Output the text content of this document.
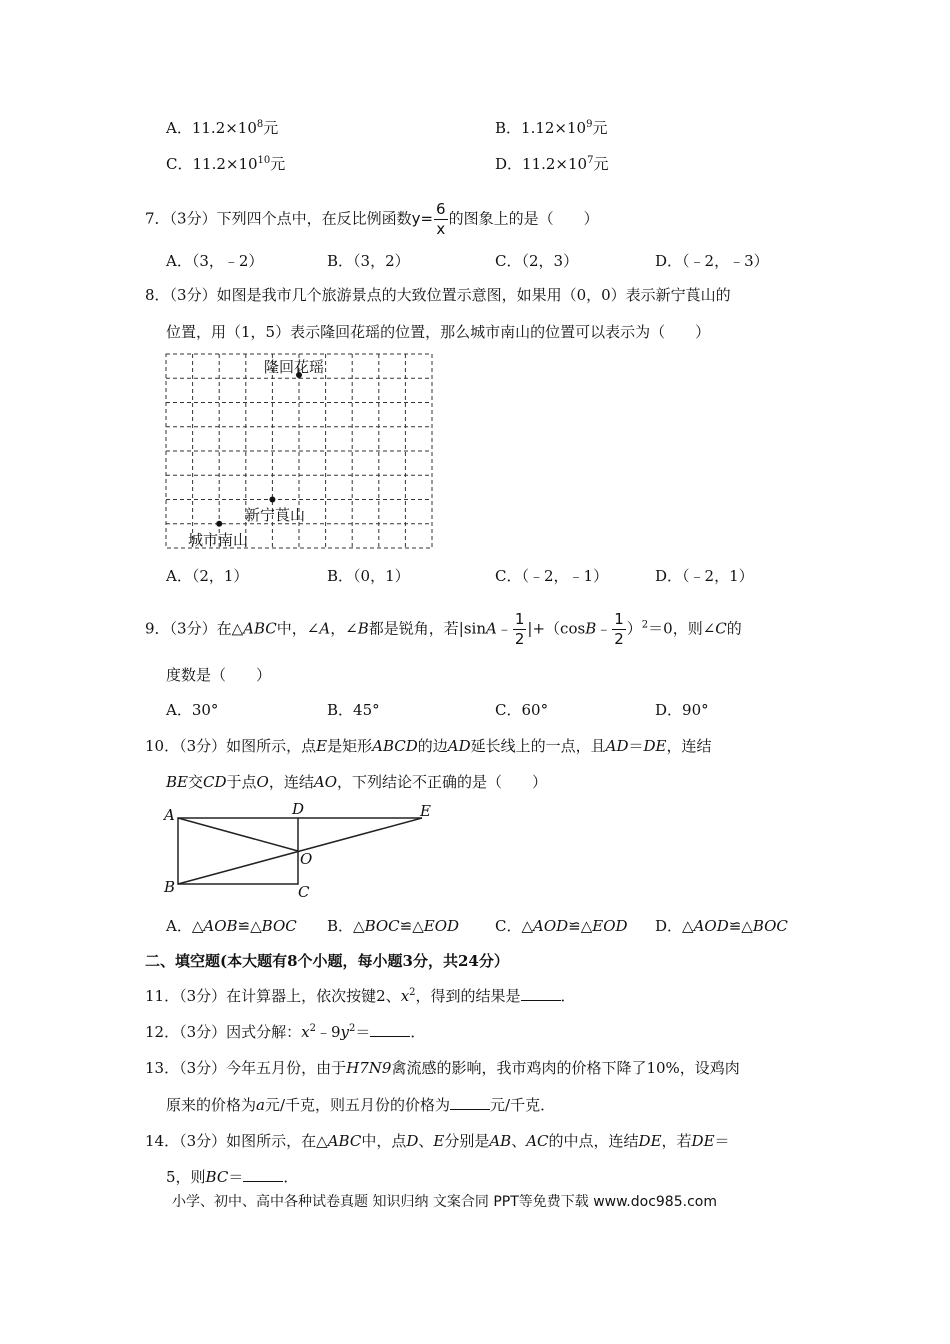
A．$11.2\times 10^8$元	B．$1.12\times 10^9$元
C．$11.2\times 10^{10}$元	D．$11.2\times 10^7$元
7．（3分）下列四个点中，在反比例函数$y= \frac{6}{x}$ 的图象上的是（　　）
A．（3，﹣2）	B．（3，2）	C．（2，3）	D．（﹣2，﹣3）
8．（3分）如图是我市几个旅游景点的大致位置示意图，如果用（0，0）表示新宁莨山的
位置，用（1，5）表示隆回花瑶的位置，那么城市南山的位置可以表示为（　　）
隆回花瑶
新宁莨山
城市南山
A．（2，1）	B．（0，1）	C．（﹣2，﹣1）	D．（﹣2，1）
9．（3分）在△ABC中，∠A，∠B都是锐角，若|sinA﹣ $\frac{1}{2}$ |+（cosB﹣ $\frac{1}{2} )^2=0$，则∠C的
度数是（　　）
A．30°	B．45°	C．60°	D．90°
10．（3分）如图所示，点E是矩形ABCD的边AD延长线上的一点，且AD＝DE，连结
BE交CD于点O，连结AO，下列结论不正确的是（　　）
A
B	C
D	E
O
A．△AOB≌△BOC B．△BOC≌△EOD C．△AOD≌△EOD D．△AOD≌△BOC
二、填空题(本大题有8个小题，每小题3分，共24分）
11．（3分）在计算器上，依次按键2、$x^2$，得到的结果是	．
12．（3分）因式分解：$x^2﹣9y^2=$	．
13．（3分）今年五月份，由于H7N9禽流感的影响，我市鸡肉的价格下降了10%，设鸡肉
原来的价格为a元/千克，则五月份的价格为	元/千克．
14．（3分）如图所示，在△ABC中，点D、E分别是AB、AC的中点，连结DE，若DE＝
5，则BC＝	．
小学、初中、高中各种试卷真题 知识归纳 文案合同 PPT等免费下载 www.doc985.com
